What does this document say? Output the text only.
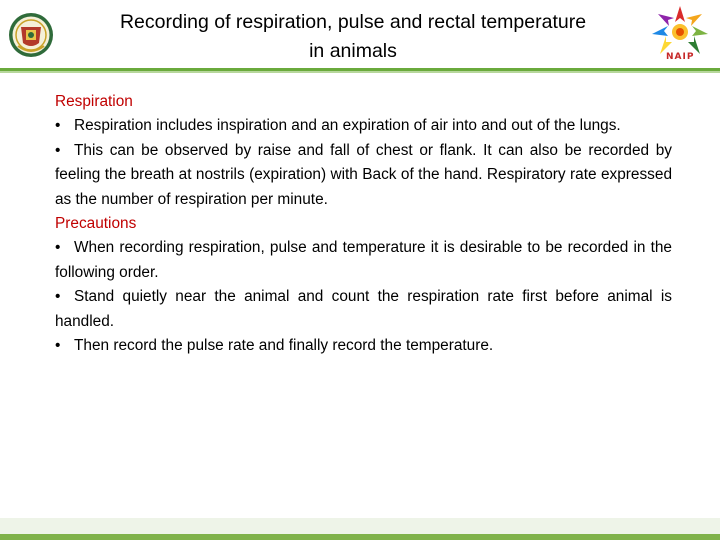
Recording of respiration, pulse and rectal temperature
in animals	NAIP
Respiration
• Respiration includes inspiration and an expiration of air into and out of the lungs.
• This can be observed by raise and fall of chest or flank. It can also be recorded by feeling the breath at nostrils (expiration) with Back of the hand. Respiratory rate expressed as the number of respiration per minute.
Precautions
• When recording respiration, pulse and temperature it is desirable to be recorded in the following order.
• Stand quietly near the animal and count the respiration rate first before animal is handled.
• Then record the pulse rate and finally record the temperature.
